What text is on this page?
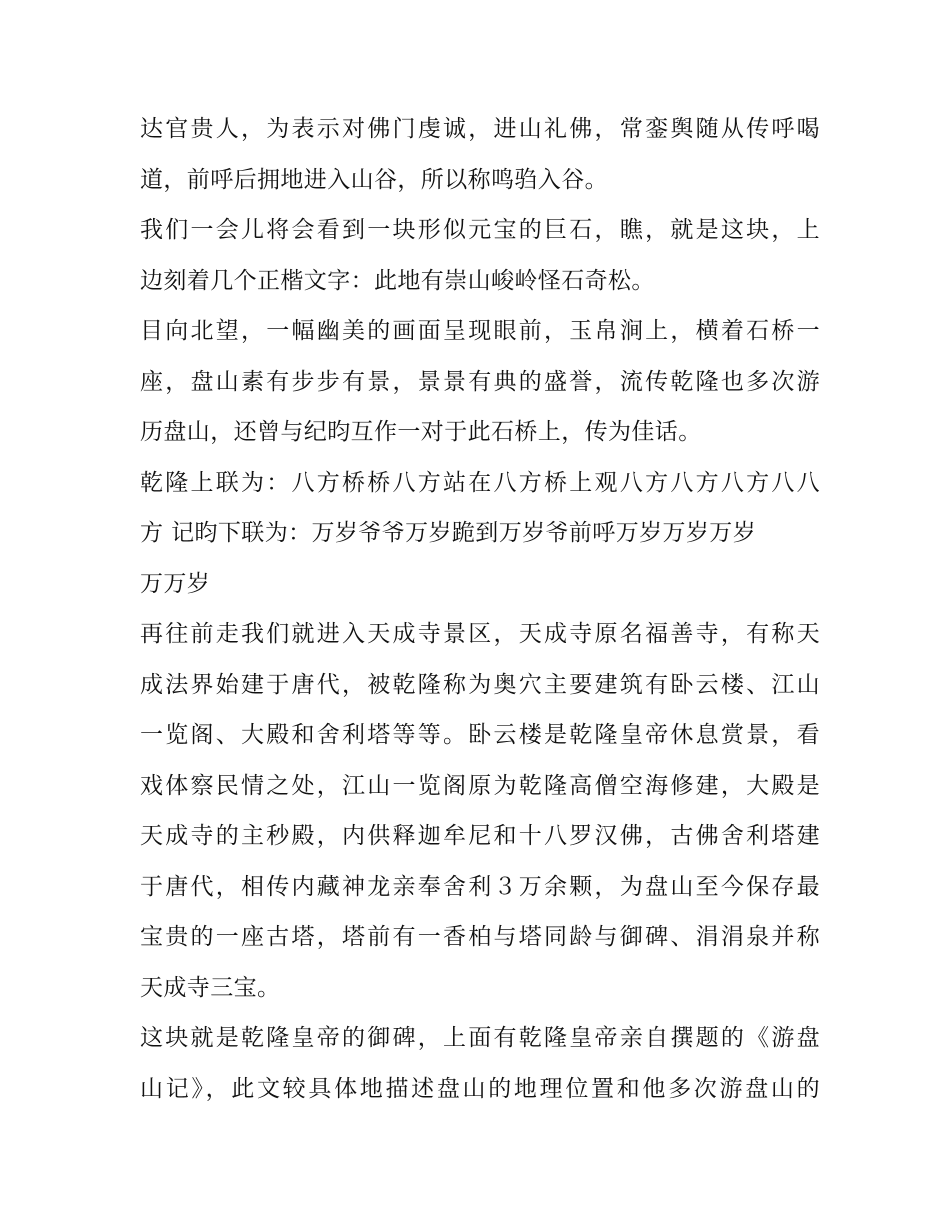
达官贵人，为表示对佛门虔诚，进山礼佛，常銮舆随从传呼喝
道，前呼后拥地进入山谷，所以称鸣驺入谷。
我们一会儿将会看到一块形似元宝的巨石，瞧，就是这块，上
边刻着几个正楷文字：此地有崇山峻岭怪石奇松。
目向北望，一幅幽美的画面呈现眼前，玉帛涧上，横着石桥一
座，盘山素有步步有景，景景有典的盛誉，流传乾隆也多次游
历盘山，还曾与纪昀互作一对于此石桥上，传为佳话。
乾隆上联为：八方桥桥八方站在八方桥上观八方八方八方八八
方 记昀下联为：万岁爷爷万岁跪到万岁爷前呼万岁万岁万岁
万万岁
再往前走我们就进入天成寺景区，天成寺原名福善寺，有称天
成法界始建于唐代，被乾隆称为奥穴主要建筑有卧云楼、江山
一览阁、大殿和舍利塔等等。卧云楼是乾隆皇帝休息赏景，看
戏体察民情之处，江山一览阁原为乾隆高僧空海修建，大殿是
天成寺的主秒殿，内供释迦牟尼和十八罗汉佛，古佛舍利塔建
于唐代，相传内藏神龙亲奉舍利３万余颗，为盘山至今保存最
宝贵的一座古塔，塔前有一香柏与塔同龄与御碑、涓涓泉并称
天成寺三宝。
这块就是乾隆皇帝的御碑，上面有乾隆皇帝亲自撰题的《游盘
山记》，此文较具体地描述盘山的地理位置和他多次游盘山的
